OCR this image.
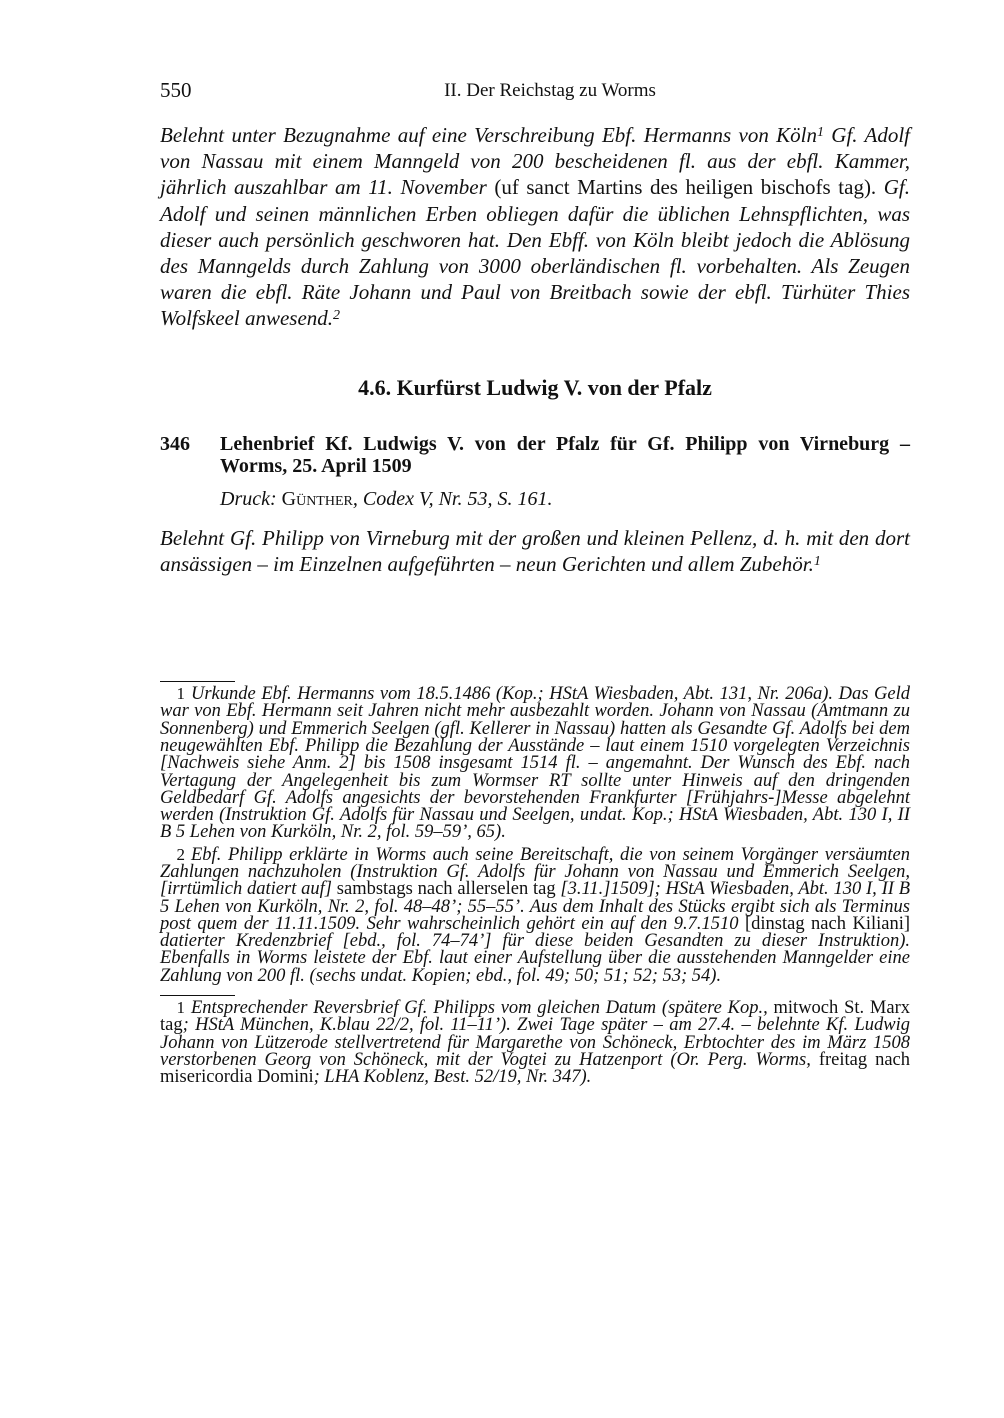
550	II. Der Reichstag zu Worms

Belehnt unter Bezugnahme auf eine Verschreibung Ebf. Hermanns von Köln$^1$ Gf. Adolf von Nassau mit einem Manngeld von 200 bescheidenen fl. aus der ebfl. Kammer, jährlich auszahlbar am 11. November (uf sanct Martins des heiligen bischofs tag). Gf. Adolf und seinen männlichen Erben obliegen dafür die üblichen Lehnspflichten, was dieser auch persönlich geschworen hat. Den Ebff. von Köln bleibt jedoch die Ablösung des Manngelds durch Zahlung von 3000 oberländischen fl. vorbehalten. Als Zeugen waren die ebfl. Räte Johann und Paul von Breitbach sowie der ebfl. Türhüter Thies Wolfskeel anwesend.$^2$

4.6. Kurfürst Ludwig V. von der Pfalz
346 Lehenbrief Kf. Ludwigs V. von der Pfalz für Gf. Philipp von Virneburg – Worms, 25. April 1509
Druck: Günther, Codex V, Nr. 53, S. 161.

Belehnt Gf. Philipp von Virneburg mit der großen und kleinen Pellenz, d. h. mit den dort ansässigen – im Einzelnen aufgeführten – neun Gerichten und allem Zubehör.$^1$

1 Urkunde Ebf. Hermanns vom 18.5.1486 (Kop.; HStA Wiesbaden, Abt. 131, Nr. 206a). Das Geld war von Ebf. Hermann seit Jahren nicht mehr ausbezahlt worden. Johann von Nassau (Amtmann zu Sonnenberg) und Emmerich Seelgen (gfl. Kellerer in Nassau) hatten als Gesandte Gf. Adolfs bei dem neugewählten Ebf. Philipp die Bezahlung der Ausstände – laut einem 1510 vorgelegten Verzeichnis [Nachweis siehe Anm. 2] bis 1508 insgesamt 1514 fl. – angemahnt. Der Wunsch des Ebf. nach Vertagung der Angelegenheit bis zum Wormser RT sollte unter Hinweis auf den dringenden Geldbedarf Gf. Adolfs angesichts der bevorstehenden Frankfurter [Frühjahrs-]Messe abgelehnt werden (Instruktion Gf. Adolfs für Nassau und Seelgen, undat. Kop.; HStA Wiesbaden, Abt. 130 I, II B 5 Lehen von Kurköln, Nr. 2, fol. 59–59’, 65).

2 Ebf. Philipp erklärte in Worms auch seine Bereitschaft, die von seinem Vorgänger versäumten Zahlungen nachzuholen (Instruktion Gf. Adolfs für Johann von Nassau und Emmerich Seelgen, [irrtümlich datiert auf] sambstags nach allerselen tag [3.11.]1509]; HStA Wiesbaden, Abt. 130 I, II B 5 Lehen von Kurköln, Nr. 2, fol. 48–48’; 55–55’. Aus dem Inhalt des Stücks ergibt sich als Terminus post quem der 11.11.1509. Sehr wahrscheinlich gehört ein auf den 9.7.1510 [dinstag nach Kiliani] datierter Kredenzbrief [ebd., fol. 74–74’] für diese beiden Gesandten zu dieser Instruktion). Ebenfalls in Worms leistete der Ebf. laut einer Aufstellung über die ausstehenden Manngelder eine Zahlung von 200 fl. (sechs undat. Kopien; ebd., fol. 49; 50; 51; 52; 53; 54).

1 Entsprechender Reversbrief Gf. Philipps vom gleichen Datum (spätere Kop., mitwoch St. Marx tag; HStA München, K.blau 22/2, fol. 11–11’). Zwei Tage später – am 27.4. – belehnte Kf. Ludwig Johann von Lützerode stellvertretend für Margarethe von Schöneck, Erbtochter des im März 1508 verstorbenen Georg von Schöneck, mit der Vogtei zu Hatzenport (Or. Perg. Worms, freitag nach misericordia Domini; LHA Koblenz, Best. 52/19, Nr. 347).
